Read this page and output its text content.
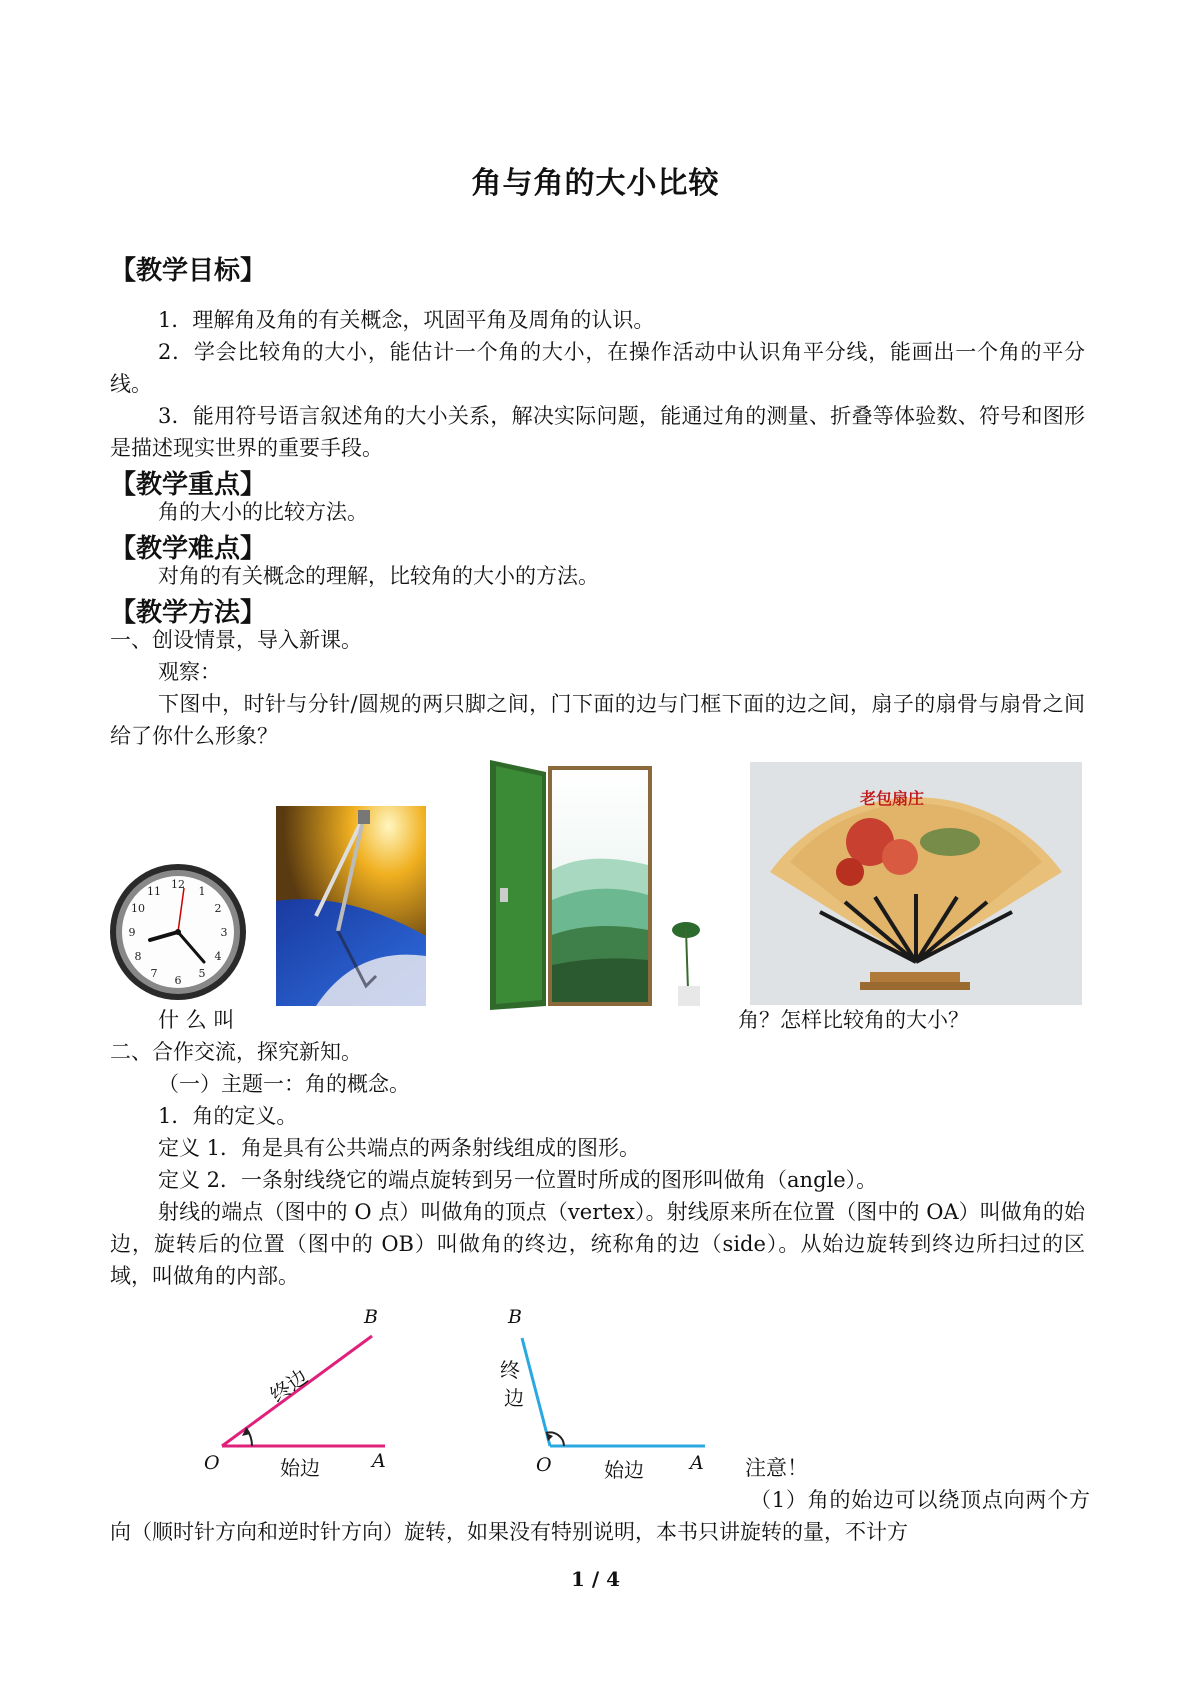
角与角的大小比较
【教学目标】
1．理解角及角的有关概念，巩固平角及周角的认识。
2．学会比较角的大小，能估计一个角的大小，在操作活动中认识角平分线，能画出一个角的平分线。
3．能用符号语言叙述角的大小关系，解决实际问题，能通过角的测量、折叠等体验数、符号和图形是描述现实世界的重要手段。
【教学重点】
角的大小的比较方法。
【教学难点】
对角的有关概念的理解，比较角的大小的方法。
【教学方法】
一、创设情景，导入新课。
观察：
下图中，时针与分针/圆规的两只脚之间，门下面的边与门框下面的边之间，扇子的扇骨与扇骨之间给了你什么形象？
12
1
2
3
4
5
6
7
8
9
10
11
老包扇庄
什 么 叫	角？怎样比较角的大小？
二、合作交流，探究新知。
（一）主题一：角的概念。
1．角的定义。
定义 1．角是具有公共端点的两条射线组成的图形。
定义 2．一条射线绕它的端点旋转到另一位置时所成的图形叫做角（angle）。
射线的端点（图中的 O 点）叫做角的顶点（vertex）。射线原来所在位置（图中的 OA）叫做角的始边，旋转后的位置（图中的 OB）叫做角的终边，统称角的边（side）。从始边旋转到终边所扫过的区域，叫做角的内部。
O	A
B
始边
终边
O	A
B
始边
终
边
注意！
（1）角的始边可以绕顶点向两个方向（顺时针方向和逆时针方向）旋转，如果没有特别说明，本书只讲旋转的量，不计方
1 / 4
